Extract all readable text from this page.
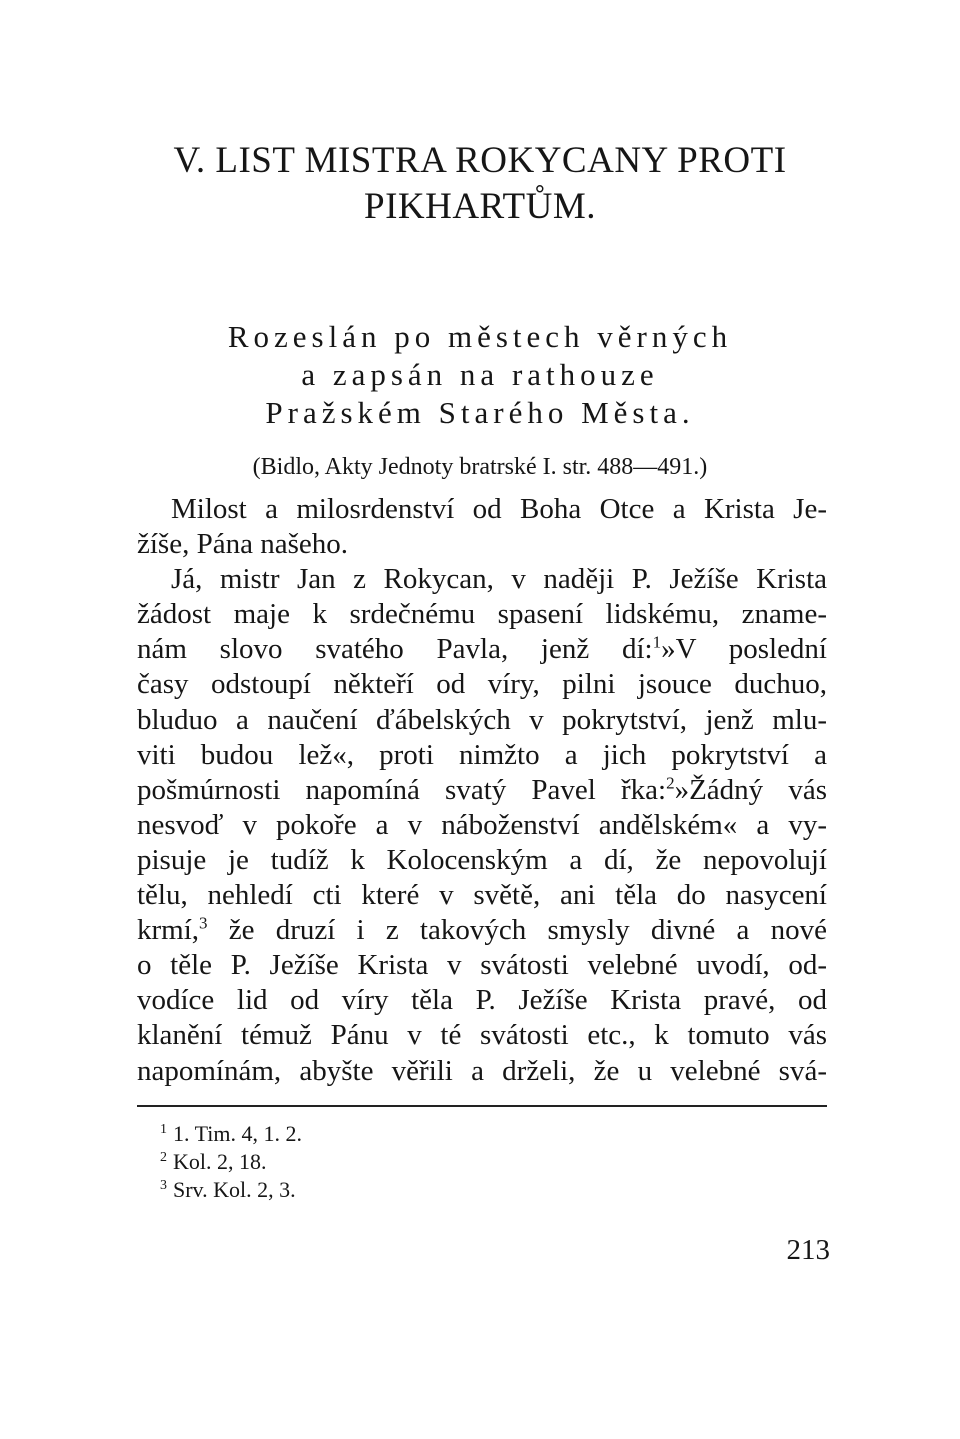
V. LIST MISTRA ROKYCANY PROTI
PIKHARTŮM.
Rozeslán po městech věrných
a zapsán na rathouze
Pražském Starého Města.
(Bidlo, Akty Jednoty bratrské I. str. 488—491.)
Milost a milosrdenství od Boha Otce a Krista Je-
žíše, Pána našeho.
Já, mistr Jan z Rokycan, v naději P. Ježíše Krista
žádost maje k srdečnému spasení lidskému, zname-
nám slovo svatého Pavla, jenž dí:$^1$»V poslední
časy odstoupí někteří od víry, pilni jsouce duchuo,
bluduo a naučení ďábelských v pokrytství, jenž mlu-
viti budou lež«, proti nimžto a jich pokrytství a
pošmúrnosti napomíná svatý Pavel řka:$^2$»Žádný vás
nesvoď v pokoře a v náboženství andělském« a vy-
pisuje je tudíž k Kolocenským a dí, že nepovolují
tělu, nehledí cti které v světě, ani těla do nasycení
krmí,$^3$ že druzí i z takových smysly divné a nové
o těle P. Ježíše Krista v svátosti velebné uvodí, od-
vodíce lid od víry těla P. Ježíše Krista pravé, od
klanění témuž Pánu v té svátosti etc., k tomuto vás
napomínám, abyšte věřili a drželi, že u velebné svá-
$^1$ 1. Tim. 4, 1. 2.
$^2$ Kol. 2, 18.
$^3$ Srv. Kol. 2, 3.
213
